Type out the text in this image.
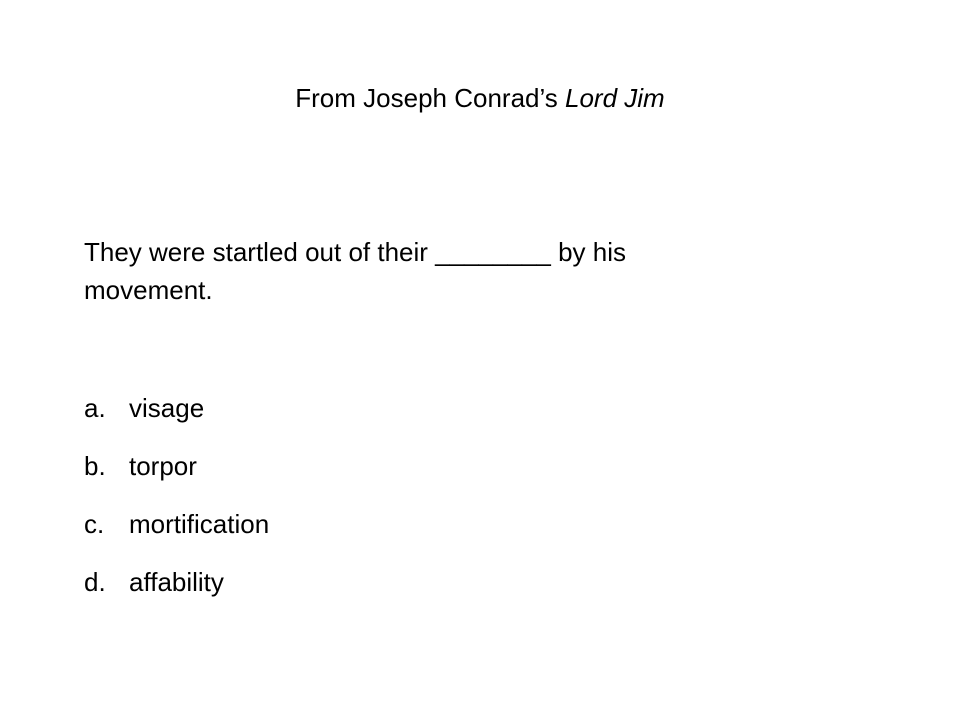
From Joseph Conrad’s Lord Jim
They were startled out of their ________ by his
movement.
a. visage
b. torpor
c. mortification
d. affability
